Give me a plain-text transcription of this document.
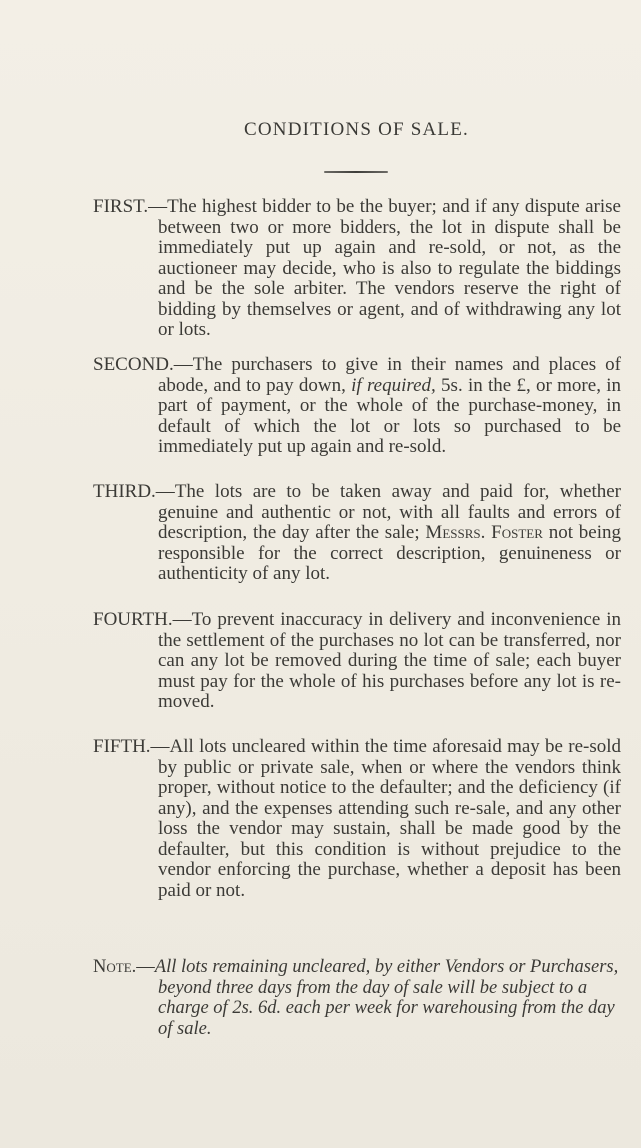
CONDITIONS OF SALE.

FIRST.—The highest bidder to be the buyer; and if any dispute arise between two or more bidders, the lot in dispute shall be immediately put up again and re-sold, or not, as the auctioneer may decide, who is also to regulate the biddings and be the sole arbiter. The vendors reserve the right of bidding by themselves or agent, and of withdrawing any lot or lots.

SECOND.—The purchasers to give in their names and places of abode, and to pay down, if required, 5s. in the £, or more, in part of payment, or the whole of the purchase-money, in default of which the lot or lots so purchased to be immediately put up again and re-sold.

THIRD.—The lots are to be taken away and paid for, whether genuine and authentic or not, with all faults and errors of description, the day after the sale; Messrs. Foster not being responsible for the correct description, genuineness or authenticity of any lot.

FOURTH.—To prevent inaccuracy in delivery and inconvenience in the settlement of the purchases no lot can be transferred, nor can any lot be removed during the time of sale; each buyer must pay for the whole of his purchases before any lot is re-moved.

FIFTH.—All lots uncleared within the time aforesaid may be re-sold by public or private sale, when or where the vendors think proper, without notice to the defaulter; and the deficiency (if any), and the expenses attending such re-sale, and any other loss the vendor may sustain, shall be made good by the defaulter, but this condition is without prejudice to the vendor enforcing the purchase, whether a deposit has been paid or not.

Note.—All lots remaining uncleared, by either Vendors or Purchasers, beyond three days from the day of sale will be subject to a charge of 2s. 6d. each per week for warehousing from the day of sale.
